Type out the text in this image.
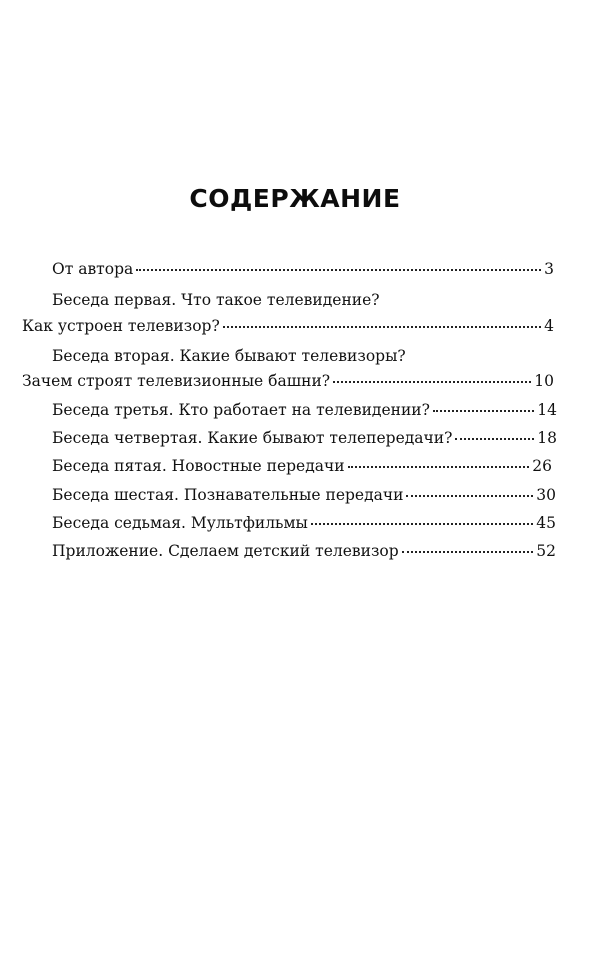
СОДЕРЖАНИЕ
От автора	3
Беседа первая. Что такое телевидение?
Как устроен телевизор?	4
Беседа вторая. Какие бывают телевизоры?
Зачем строят телевизионные башни?	10
Беседа третья. Кто работает на телевидении?	14
Беседа четвертая. Какие бывают телепередачи?	18
Беседа пятая. Новостные передачи	26
Беседа шестая. Познавательные передачи	30
Беседа седьмая. Мультфильмы	45
Приложение. Сделаем детский телевизор	52
